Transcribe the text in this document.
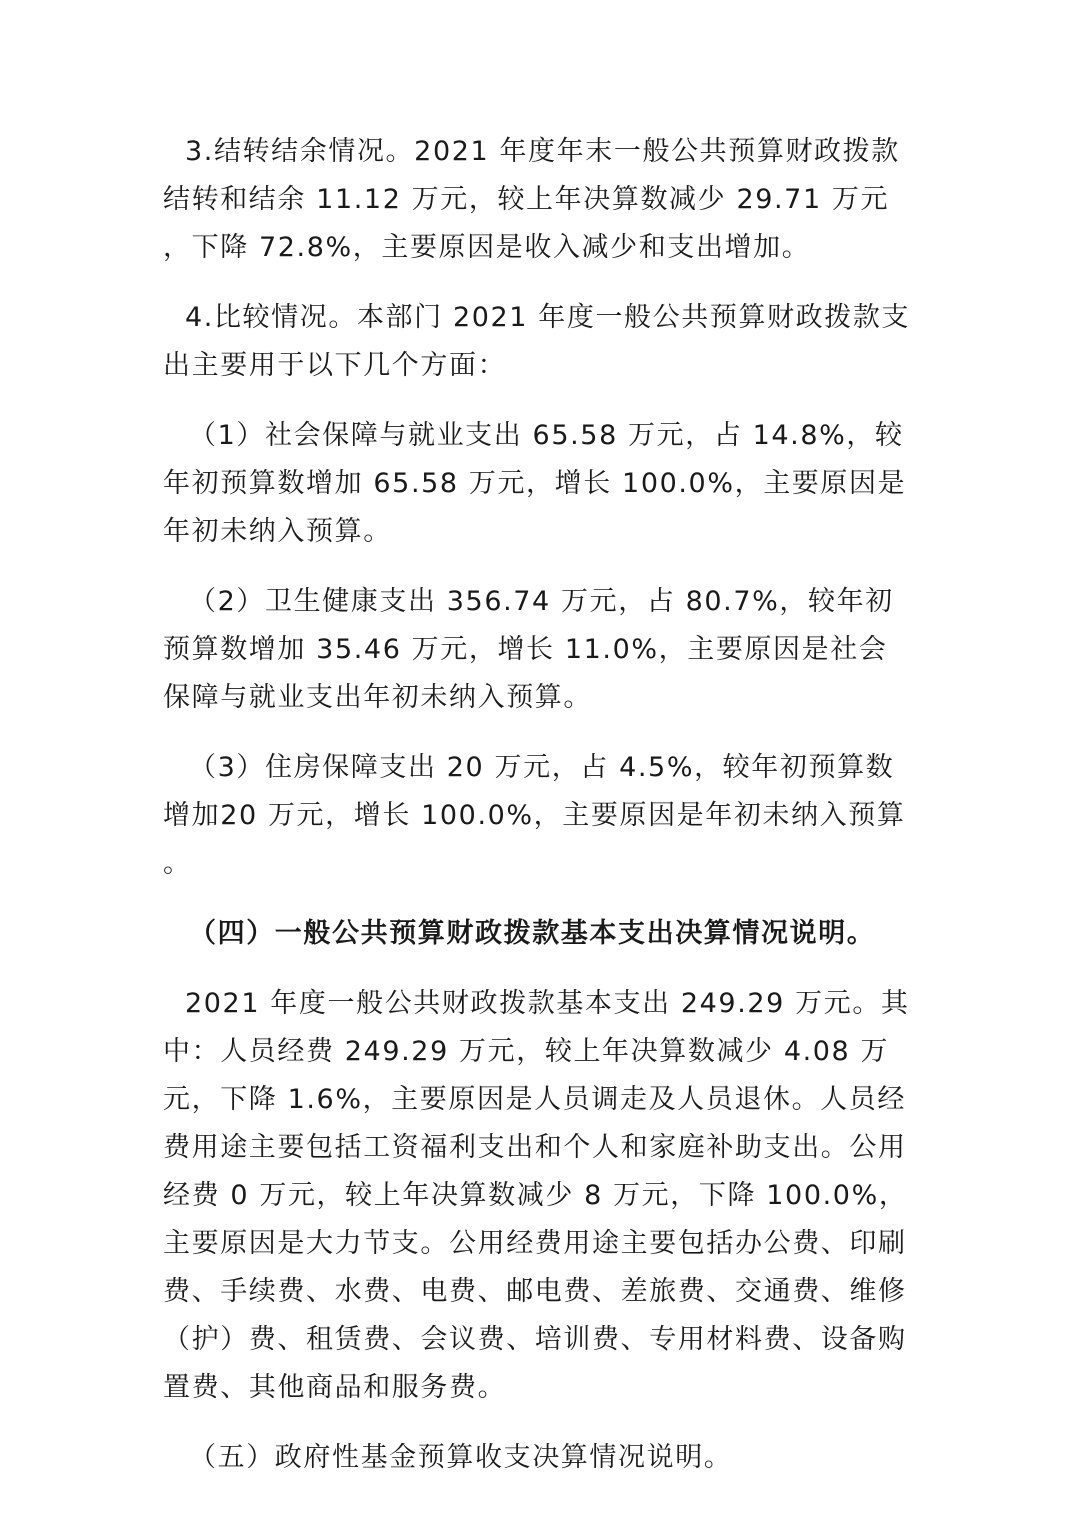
3.结转结余情况。2021 年度年末一般公共预算财政拨款结转和结余 11.12 万元，较上年决算数减少 29.71 万元，下降 72.8%，主要原因是收入减少和支出增加。

4.比较情况。本部门 2021 年度一般公共预算财政拨款支出主要用于以下几个方面：

（1）社会保障与就业支出 65.58 万元，占 14.8%，较年初预算数增加 65.58 万元，增长 100.0%，主要原因是年初未纳入预算。

（2）卫生健康支出 356.74 万元，占 80.7%，较年初预算数增加 35.46 万元，增长 11.0%，主要原因是社会保障与就业支出年初未纳入预算。

（3）住房保障支出 20 万元，占 4.5%，较年初预算数增加20 万元，增长 100.0%，主要原因是年初未纳入预算。

（四）一般公共预算财政拨款基本支出决算情况说明。

2021 年度一般公共财政拨款基本支出 249.29 万元。其中：人员经费 249.29 万元，较上年决算数减少 4.08 万元，下降 1.6%，主要原因是人员调走及人员退休。人员经费用途主要包括工资福利支出和个人和家庭补助支出。公用经费 0 万元，较上年决算数减少 8 万元，下降 100.0%，主要原因是大力节支。公用经费用途主要包括办公费、印刷费、手续费、水费、电费、邮电费、差旅费、交通费、维修（护）费、租赁费、会议费、培训费、专用材料费、设备购置费、其他商品和服务费。

（五）政府性基金预算收支决算情况说明。
